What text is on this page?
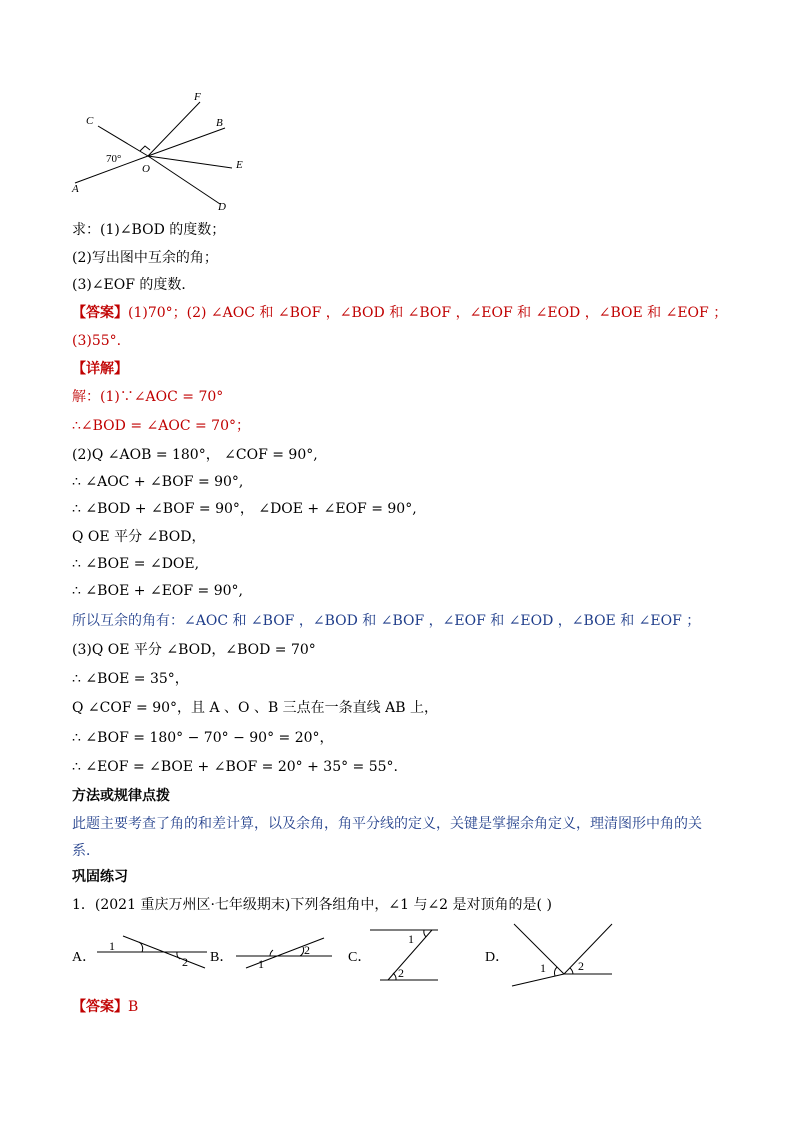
F
B
C
E
O
A
D
70°
求：(1)∠BOD 的度数；
(2)写出图中互余的角；
(3)∠EOF 的度数．
【答案】(1)70°；(2) ∠AOC 和 ∠BOF ，∠BOD 和 ∠BOF ，∠EOF 和 ∠EOD ，∠BOE 和 ∠EOF ；
(3)55°.
【详解】
解：(1)∵∠AOC = 70°
∴∠BOD = ∠AOC = 70°；
(2)Q ∠AOB = 180°， ∠COF = 90°,
∴ ∠AOC + ∠BOF = 90°,
∴ ∠BOD + ∠BOF = 90°， ∠DOE + ∠EOF = 90°,
Q OE 平分 ∠BOD，
∴ ∠BOE = ∠DOE,
∴ ∠BOE + ∠EOF = 90°,
所以互余的角有：∠AOC 和 ∠BOF ，∠BOD 和 ∠BOF ，∠EOF 和 ∠EOD ，∠BOE 和 ∠EOF ；
(3)Q OE 平分 ∠BOD，∠BOD = 70°
∴ ∠BOE = 35°，
Q ∠COF = 90°，且 A 、O 、B 三点在一条直线 AB 上，
∴ ∠BOF = 180° − 70° − 90° = 20°，
∴ ∠EOF = ∠BOE + ∠BOF = 20° + 35° = 55°.
方法或规律点拨
此题主要考查了角的和差计算，以及余角，角平分线的定义，关键是掌握余角定义，理清图形中角的关
系．
巩固练习
1．(2021 重庆万州区·七年级期末)下列各组角中，∠1 与∠2 是对顶角的是( )
A．
1
2 B． 1
2	C．
1
2
D．
1	2
【答案】B
